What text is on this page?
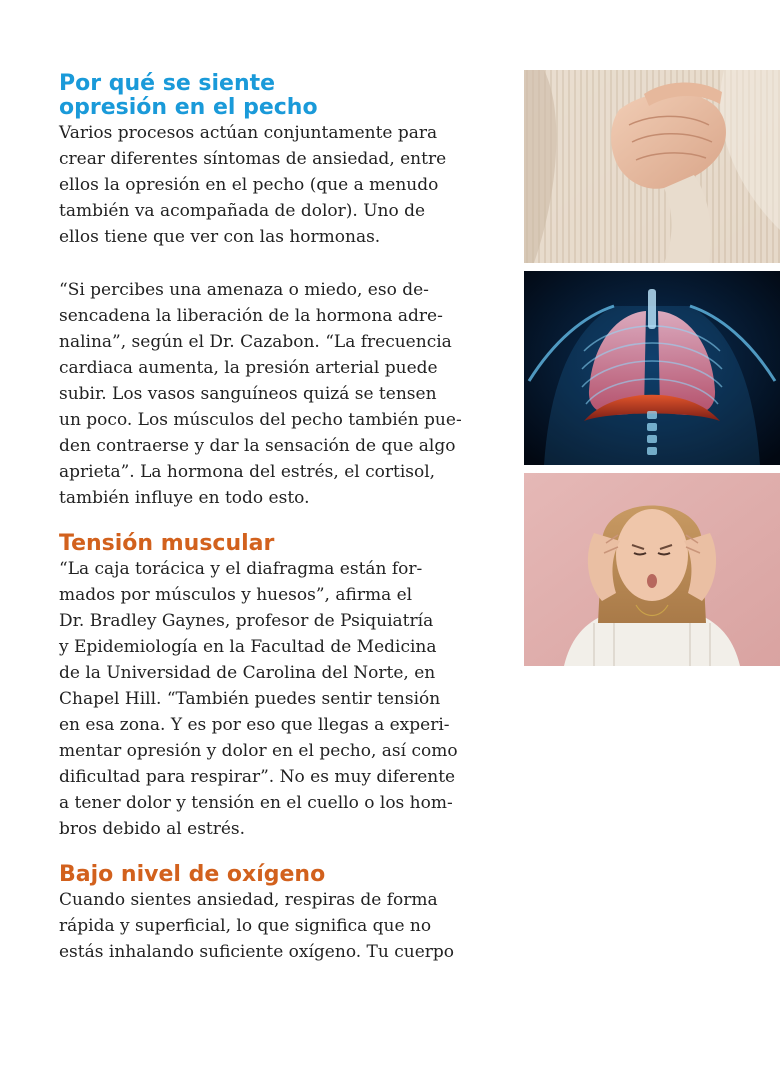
Por qué se siente
opresión en el pecho

Varios procesos actúan conjuntamente para
crear diferentes síntomas de ansiedad, entre
ellos la opresión en el pecho (que a menudo
también va acompañada de dolor). Uno de
ellos tiene que ver con las hormonas.

“Si percibes una amenaza o miedo, eso de-
sencadena la liberación de la hormona adre-
nalina”, según el Dr. Cazabon. “La frecuencia
cardiaca aumenta, la presión arterial puede
subir. Los vasos sanguíneos quizá se tensen
un poco. Los músculos del pecho también pue-
den contraerse y dar la sensación de que algo
aprieta”. La hormona del estrés, el cortisol,
también influye en todo esto.

Tensión muscular

“La caja torácica y el diafragma están for-
mados por músculos y huesos”, afirma el
Dr. Bradley Gaynes, profesor de Psiquiatría
y Epidemiología en la Facultad de Medicina
de la Universidad de Carolina del Norte, en
Chapel Hill. “También puedes sentir tensión
en esa zona. Y es por eso que llegas a experi-
mentar opresión y dolor en el pecho, así como
dificultad para respirar”. No es muy diferente
a tener dolor y tensión en el cuello o los hom-
bros debido al estrés.

Bajo nivel de oxígeno

Cuando sientes ansiedad, respiras de forma
rápida y superficial, lo que significa que no
estás inhalando suficiente oxígeno. Tu cuerpo
